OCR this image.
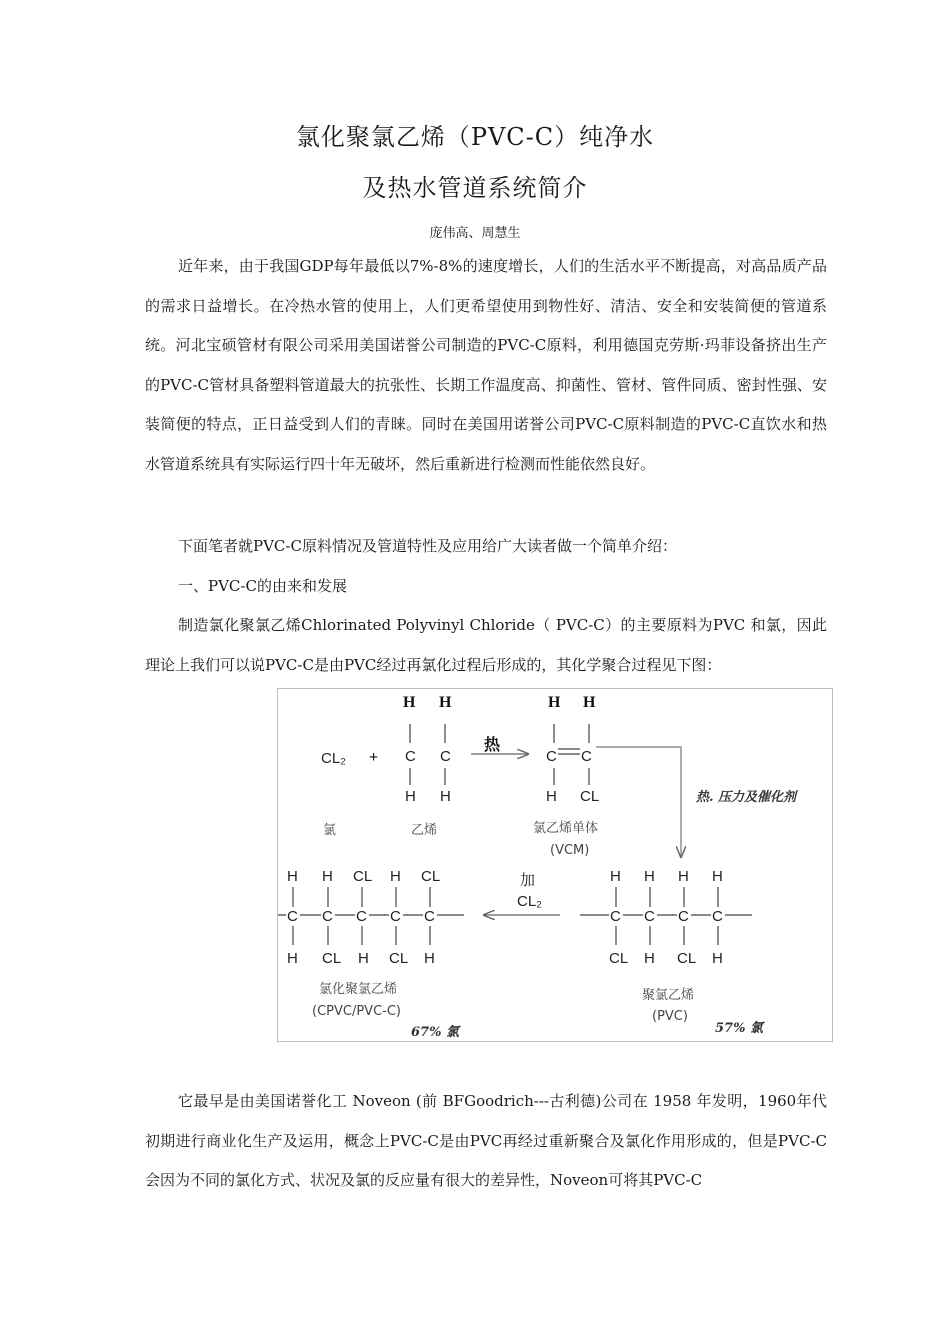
氯化聚氯乙烯（PVC-C）纯净水
及热水管道系统简介
庞伟高、周慧生

近年来，由于我国GDP每年最低以7%-8%的速度增长，人们的生活水平不断提高，对高品质产品的需求日益增长。在冷热水管的使用上，人们更希望使用到物性好、清洁、安全和安装简便的管道系统。河北宝硕管材有限公司采用美国诺誉公司制造的PVC-C原料，利用德国克劳斯·玛菲设备挤出生产的PVC-C管材具备塑料管道最大的抗张性、长期工作温度高、抑菌性、管材、管件同质、密封性强、安装简便的特点，正日益受到人们的青睐。同时在美国用诺誉公司PVC-C原料制造的PVC-C直饮水和热水管道系统具有实际运行四十年无破坏，然后重新进行检测而性能依然良好。

下面笔者就PVC-C原料情况及管道特性及应用给广大读者做一个简单介绍：

一、PVC-C的由来和发展

制造氯化聚氯乙烯Chlorinated Polyvinyl Chloride（ PVC-C）的主要原料为PVC 和氯，因此理论上我们可以说PVC-C是由PVC经过再氯化过程后形成的，其化学聚合过程见下图：

CL₂ +
H H
C C
H H
热
H H
C C
H CL	热. 压力及催化剂
氯	乙烯	氯乙烯单体
(VCM)
H H CL H CL
C C C C C
H CL H CL H
加
CL₂
H H H H
C C C C
CL H CL H
氯化聚氯乙烯
(CPVC/PVC-C)
67% 氯
聚氯乙烯
(PVC)
57% 氯

它最早是由美国诺誉化工 Noveon (前 BFGoodrich---古利德)公司在 1958 年发明，1960年代初期进行商业化生产及运用，概念上PVC-C是由PVC再经过重新聚合及氯化作用形成的，但是PVC-C会因为不同的氯化方式、状况及氯的反应量有很大的差异性，Noveon可将其PVC-C
